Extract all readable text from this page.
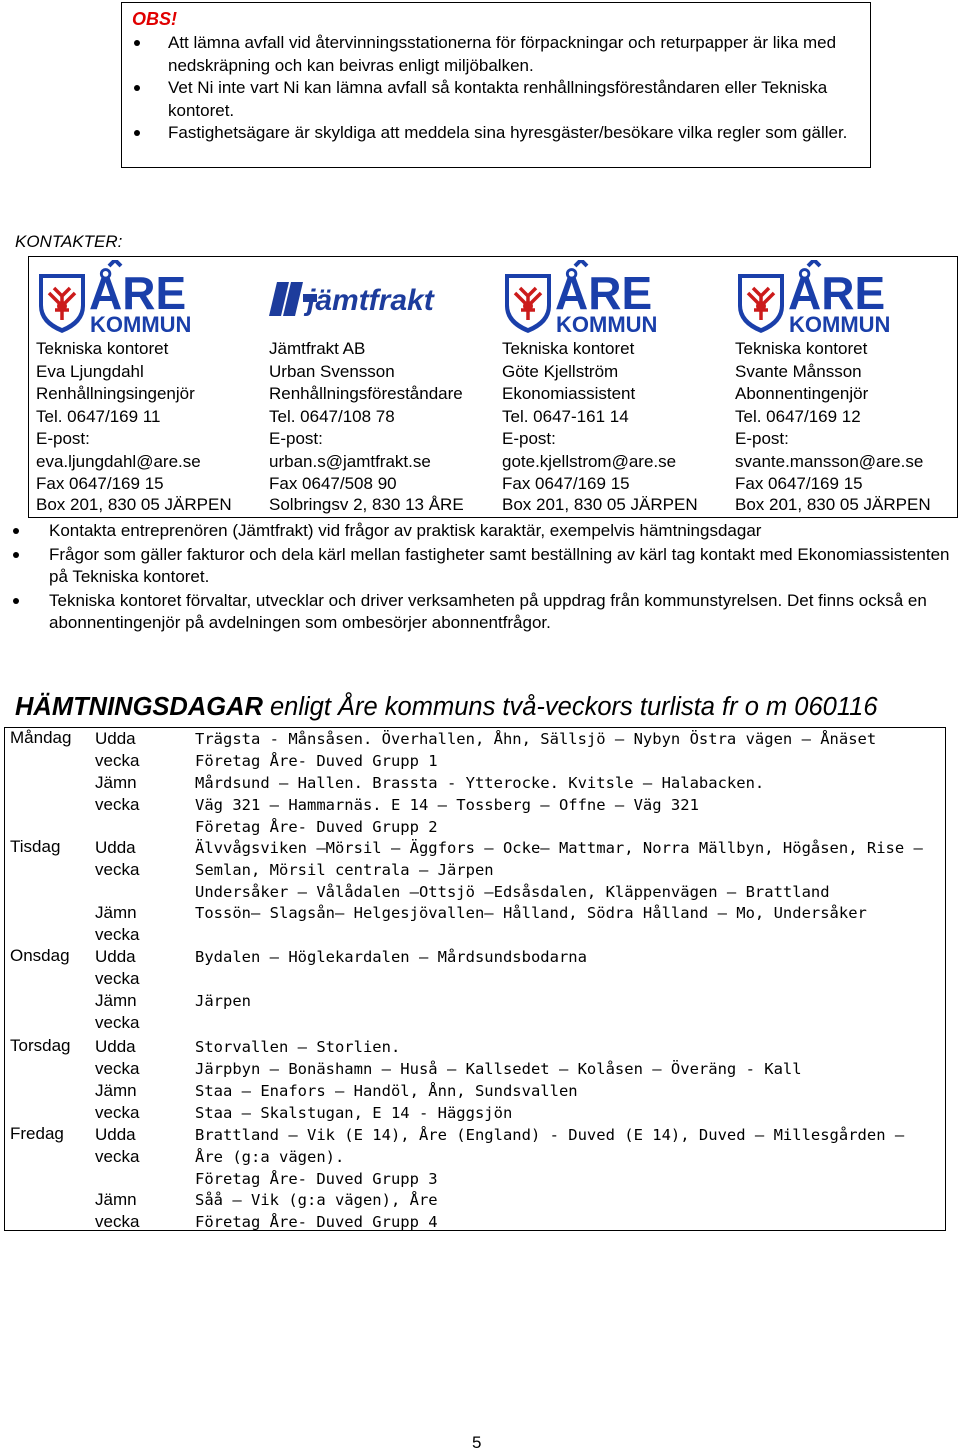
OBS!
Att lämna avfall vid återvinningsstationerna för förpackningar och returpapper är lika med nedskräpning och kan beivras enligt miljöbalken.
Vet Ni inte vart Ni kan lämna avfall så kontakta renhållningsföreståndaren eller Tekniska kontoret.
Fastighetsägare är skyldiga att meddela sina hyresgäster/besökare vilka regler som gäller.
KONTAKTER:
ÅRE
KOMMUN
Tekniska kontoret
Eva Ljungdahl
Renhållningsingenjör
Tel. 0647/169 11
E-post:
eva.ljungdahl@are.se
Fax 0647/169 15
Box 201, 830 05 JÄRPEN
jämtfrakt
Jämtfrakt AB
Urban Svensson
Renhållningsföreståndare
Tel. 0647/108 78
E-post:
urban.s@jamtfrakt.se
Fax 0647/508 90
Solbringsv 2, 830 13 ÅRE
ÅRE
KOMMUN
Tekniska kontoret
Göte Kjellström
Ekonomiassistent
Tel. 0647-161 14
E-post:
gote.kjellstrom@are.se
Fax 0647/169 15
Box 201, 830 05 JÄRPEN
ÅRE
KOMMUN
Tekniska kontoret
Svante Månsson
Abonnentingenjör
Tel. 0647/169 12
E-post:
svante.mansson@are.se
Fax 0647/169 15
Box 201, 830 05 JÄRPEN
Kontakta entreprenören (Jämtfrakt) vid frågor av praktisk karaktär, exempelvis hämtningsdagar
Frågor som gäller fakturor och dela kärl mellan fastigheter samt beställning av kärl tag kontakt med Ekonomiassistenten på Tekniska kontoret.
Tekniska kontoret förvaltar, utvecklar och driver verksamheten på uppdrag från kommunstyrelsen. Det finns också en abonnentingenjör på avdelningen som ombesörjer abonnentfrågor.
HÄMTNINGSDAGAR enligt Åre kommuns två-veckors turlista fr o m 060116
Måndag Udda
vecka
Trägsta - Månsåsen. Överhallen, Åhn, Sällsjö – Nybyn Östra vägen – Ånäset
Företag Åre- Duved Grupp 1
Jämn
vecka
Mårdsund – Hallen. Brassta - Ytterocke. Kvitsle – Halabacken.
Väg 321 – Hammarnäs. E 14 – Tossberg – Offne – Väg 321
Företag Åre- Duved Grupp 2
Tisdag Udda
vecka
Älvvågsviken –Mörsil – Äggfors – Ocke– Mattmar, Norra Mällbyn, Högåsen, Rise –
Semlan, Mörsil centrala – Järpen
Undersåker – Vålådalen –Ottsjö –Edsåsdalen, Kläppenvägen – Brattland
Jämn
vecka
Tossön– Slagsån– Helgesjövallen– Hålland, Södra Hålland – Mo, Undersåker
Onsdag Udda
vecka
Bydalen – Höglekardalen – Mårdsundsbodarna
Jämn
vecka
Järpen
Torsdag Udda
vecka
Storvallen – Storlien.
Järpbyn – Bonäshamn – Huså – Kallsedet – Kolåsen – Överäng - Kall
Jämn
vecka
Staa – Enafors – Handöl, Ånn, Sundsvallen
Staa – Skalstugan, E 14 - Häggsjön
Fredag Udda
vecka
Brattland – Vik (E 14), Åre (England) - Duved (E 14), Duved – Millesgården –
Åre (g:a vägen).
Företag Åre- Duved Grupp 3
Jämn
vecka
Såå – Vik (g:a vägen), Åre
Företag Åre- Duved Grupp 4
5
